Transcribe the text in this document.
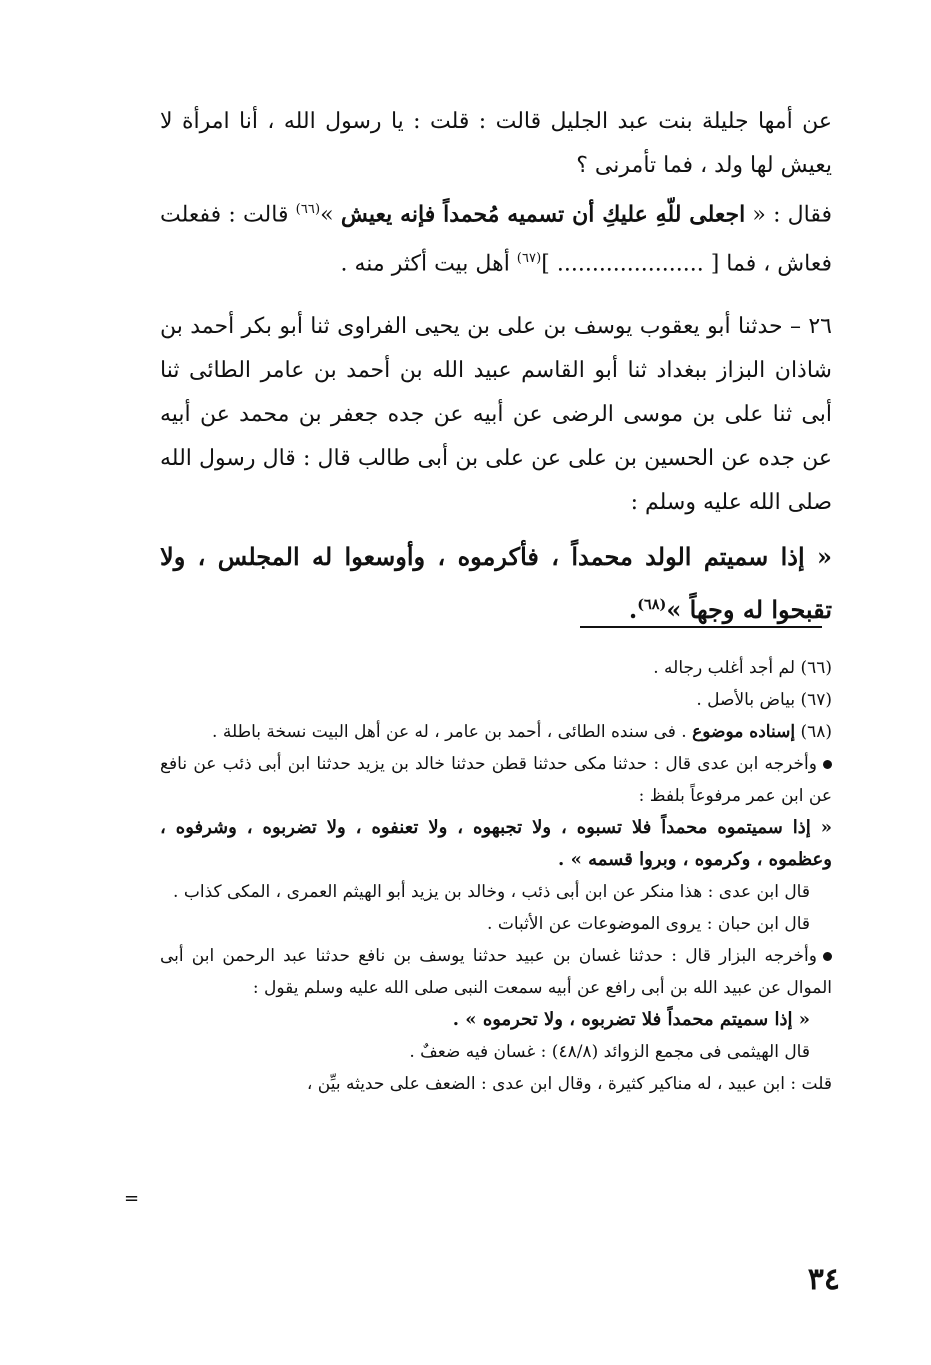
عن أمها جليلة بنت عبد الجليل قالت : قلت : يا رسول الله ، أنا امرأة لا يعيش لها ولد ، فما تأمرنى ؟

فقال : « اجعلى للّهِ عليكِ أن تسميه مُحمداً فإنه يعيش »$^{(٦٦)}$ قالت : ففعلت فعاش ، فما [ ..................... ]$^{(٦٧)}$ أهل بيت أكثر منه .

٢٦ – حدثنا أبو يعقوب يوسف بن على بن يحيى الفراوى ثنا أبو بكر أحمد بن شاذان البزاز ببغداد ثنا أبو القاسم عبيد الله بن أحمد بن عامر الطائى ثنا أبى ثنا على بن موسى الرضى عن أبيه عن جده جعفر بن محمد عن أبيه عن جده عن الحسين بن على عن على بن أبى طالب قال : قال رسول الله صلى الله عليه وسلم :

« إذا سميتم الولد محمداً ، فأكرموه ، وأوسعوا له المجلس ، ولا تقبحوا له وجهاً »$^{(٦٨)}$.

(٦٦) لم أجد أغلب رجاله .

(٦٧) بياض بالأصل .

(٦٨) إسناده موضوع . فى سنده الطائى ، أحمد بن عامر ، له عن أهل البيت نسخة باطلة .

وأخرجه ابن عدى قال : حدثنا مكى حدثنا قطن حدثنا خالد بن يزيد حدثنا ابن أبى ذئب عن نافع عن ابن عمر مرفوعاً بلفظ :

« إذا سميتموه محمداً فلا تسبوه ، ولا تجبهوه ، ولا تعنفوه ، ولا تضربوه ، وشرفوه ، وعظموه ، وكرموه ، وبروا قسمه » .

قال ابن عدى : هذا منكر عن ابن أبى ذئب ، وخالد بن يزيد أبو الهيثم العمرى ، المكى كذاب .

قال ابن حبان : يروى الموضوعات عن الأثبات .

وأخرجه البزار قال : حدثنا غسان بن عبيد حدثنا يوسف بن نافع حدثنا عبد الرحمن ابن أبى الموال عن عبيد الله بن أبى رافع عن أبيه سمعت النبى صلى الله عليه وسلم يقول :

« إذا سميتم محمداً فلا تضربوه ، ولا تحرموه » .

قال الهيثمى فى مجمع الزوائد (٤٨/٨) : غسان فيه ضعفٌ .

قلت : ابن عبيد ، له مناكير كثيرة ، وقال ابن عدى : الضعف على حديثه بيِّن ،

=
٣٤
